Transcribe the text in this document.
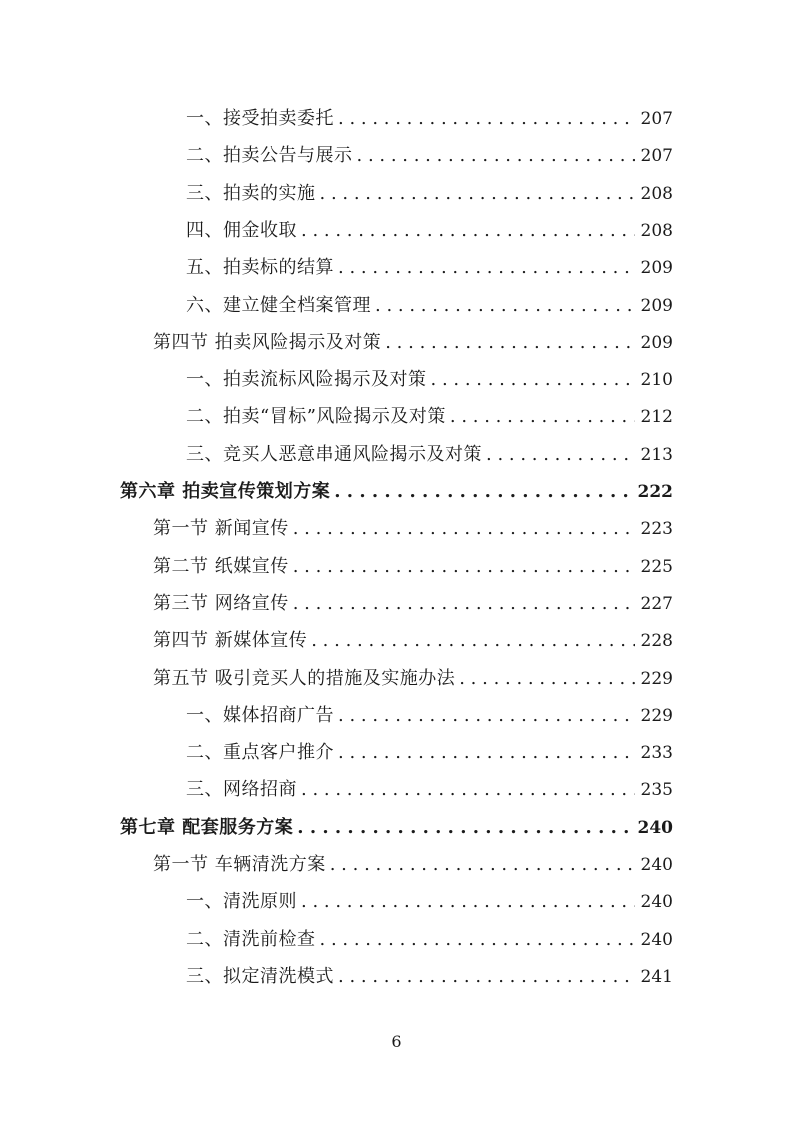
一、接受拍卖委托 . . .	207
二、拍卖公告与展示 . . .	207
三、拍卖的实施 . . .	208
四、佣金收取 . . .	208
五、拍卖标的结算 . . .	209
六、建立健全档案管理 . . .	209
第四节 拍卖风险揭示及对策 . . .	209
一、拍卖流标风险揭示及对策 . . .	210
二、拍卖“冒标”风险揭示及对策 . . .	212
三、竞买人恶意串通风险揭示及对策 . . .	213
第六章 拍卖宣传策划方案 . . .	222
第一节 新闻宣传 . . .	223
第二节 纸媒宣传 . . .	225
第三节 网络宣传 . . .	227
第四节 新媒体宣传 . . .	228
第五节 吸引竞买人的措施及实施办法 . . .	229
一、媒体招商广告 . . .	229
二、重点客户推介 . . .	233
三、网络招商 . . .	235
第七章 配套服务方案 . . .	240
第一节 车辆清洗方案 . . .	240
一、清洗原则 . . .	240
二、清洗前检查 . . .	240
三、拟定清洗模式 . . .	241
6
